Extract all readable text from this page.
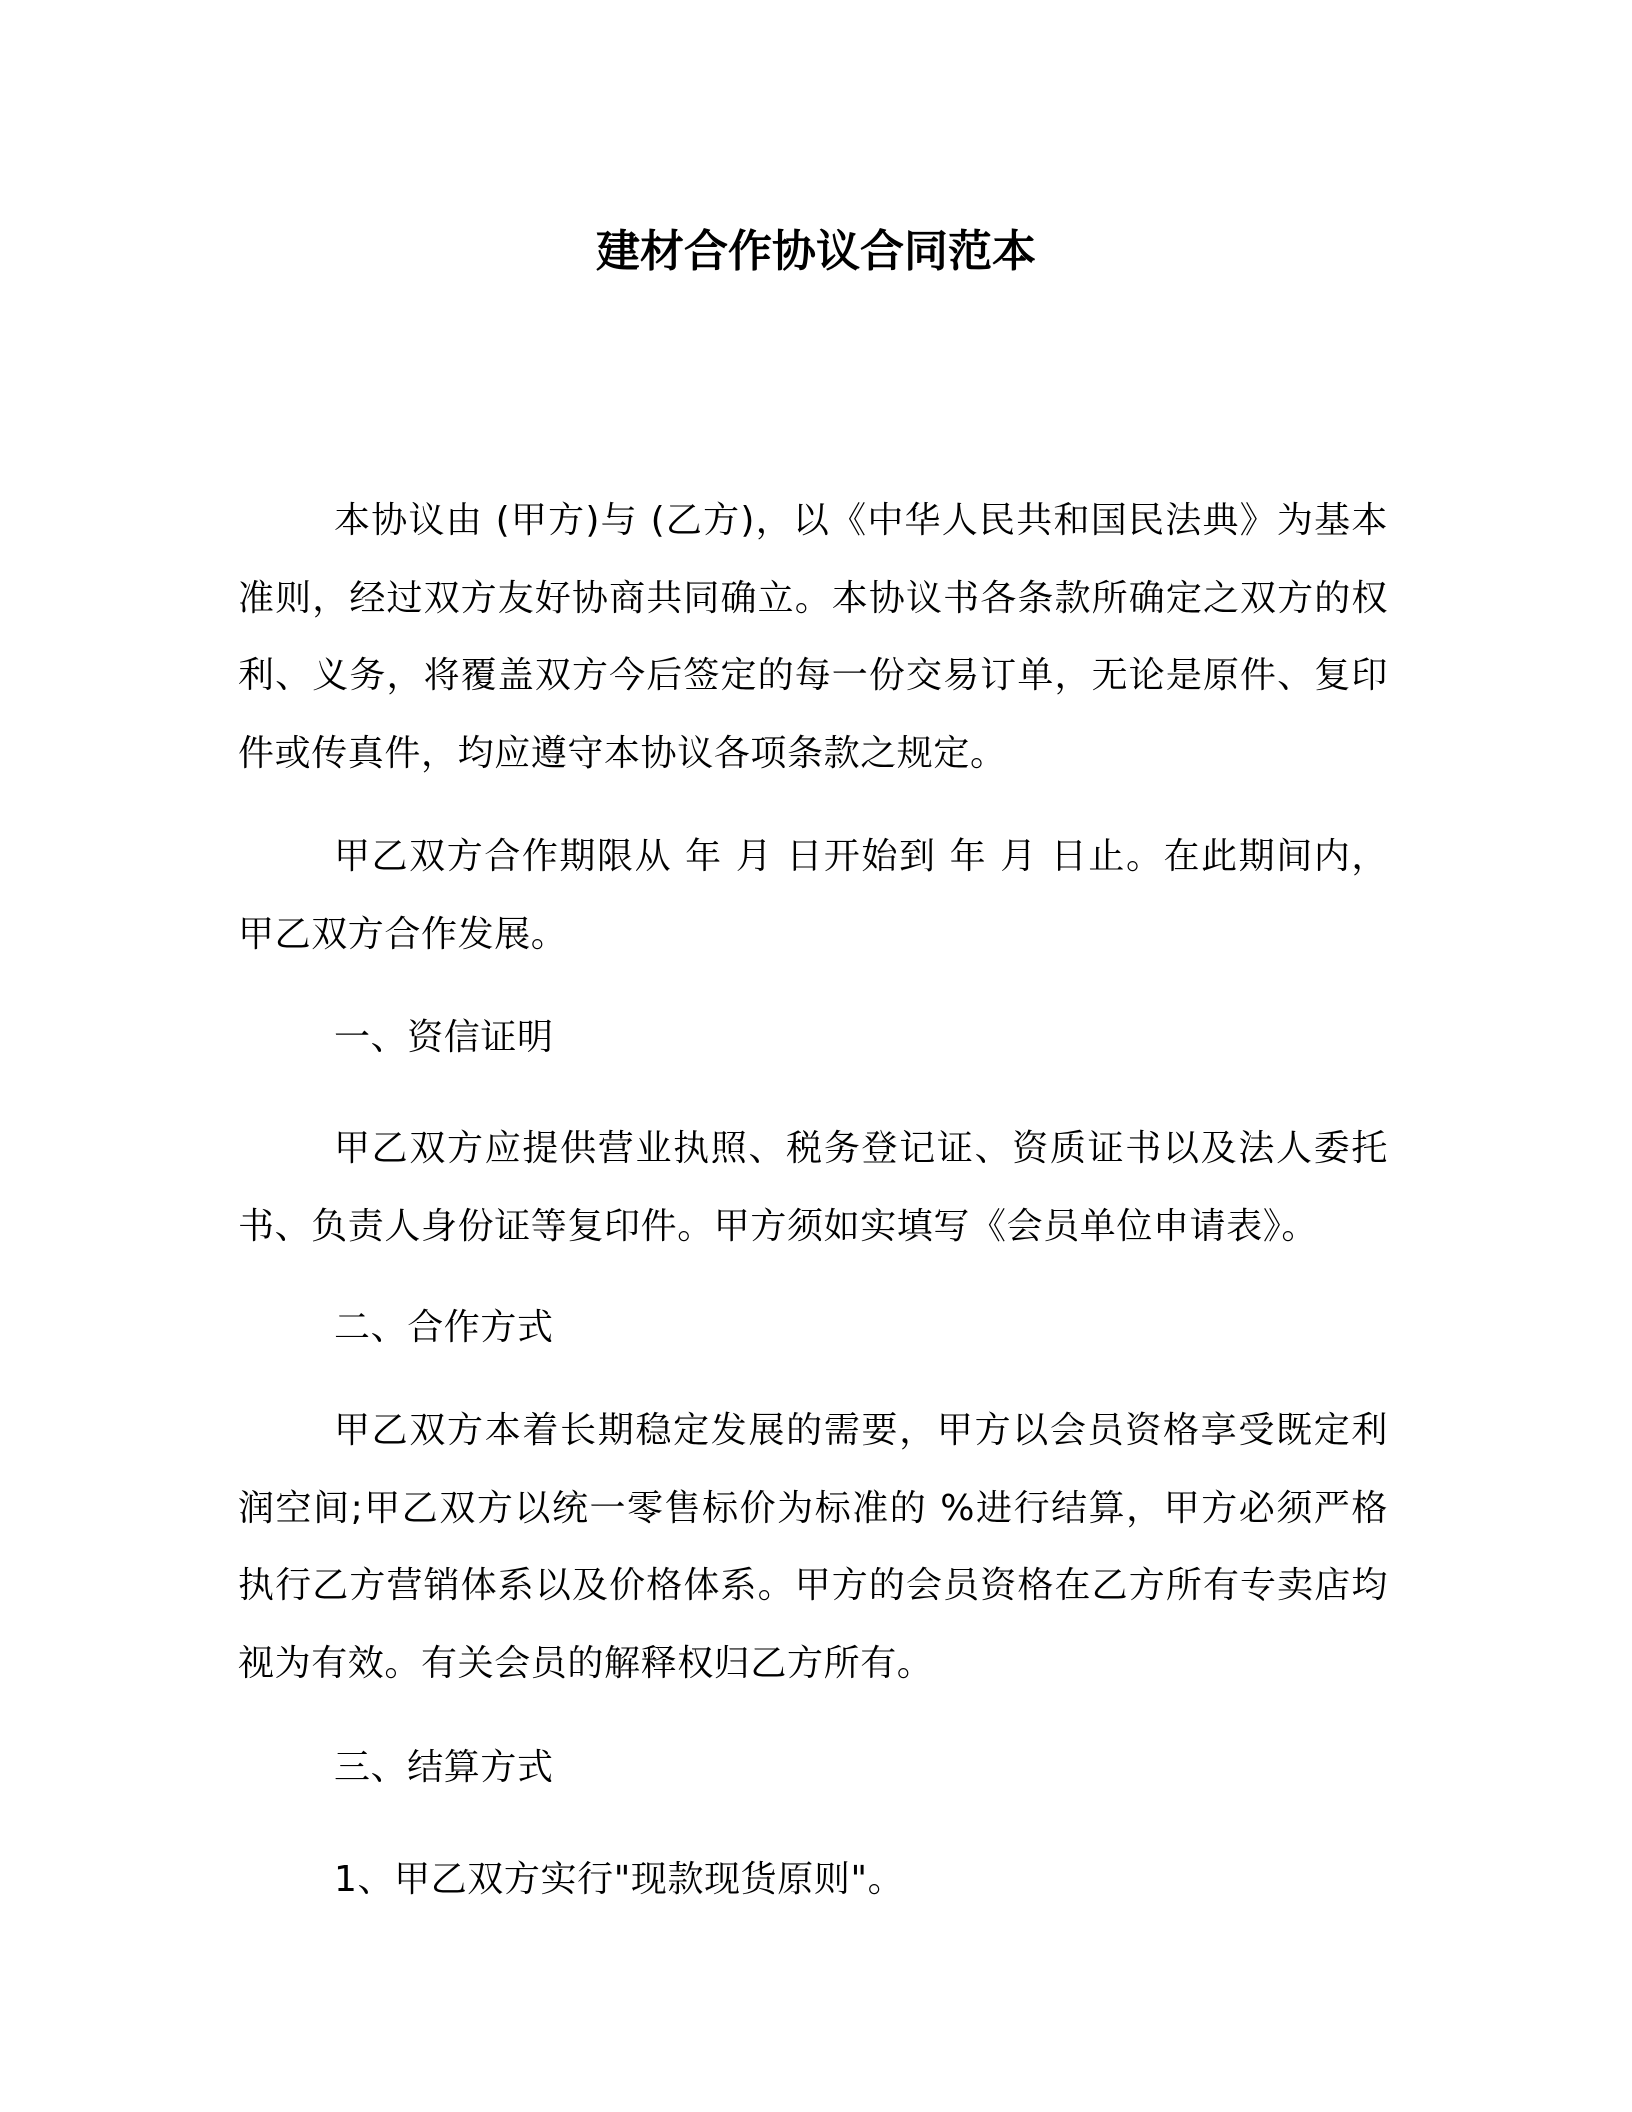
建材合作协议合同范本

本协议由 (甲方)与 (乙方)，以《中华人民共和国民法典》为基本准则，经过双方友好协商共同确立。本协议书各条款所确定之双方的权利、义务，将覆盖双方今后签定的每一份交易订单，无论是原件、复印件或传真件，均应遵守本协议各项条款之规定。

甲乙双方合作期限从 年 月 日开始到 年 月 日止。在此期间内，甲乙双方合作发展。

一、资信证明

甲乙双方应提供营业执照、税务登记证、资质证书以及法人委托书、负责人身份证等复印件。甲方须如实填写《会员单位申请表》。

二、合作方式

甲乙双方本着长期稳定发展的需要，甲方以会员资格享受既定利润空间;甲乙双方以统一零售标价为标准的 %进行结算，甲方必须严格执行乙方营销体系以及价格体系。甲方的会员资格在乙方所有专卖店均视为有效。有关会员的解释权归乙方所有。

三、结算方式

1、甲乙双方实行"现款现货原则"。
